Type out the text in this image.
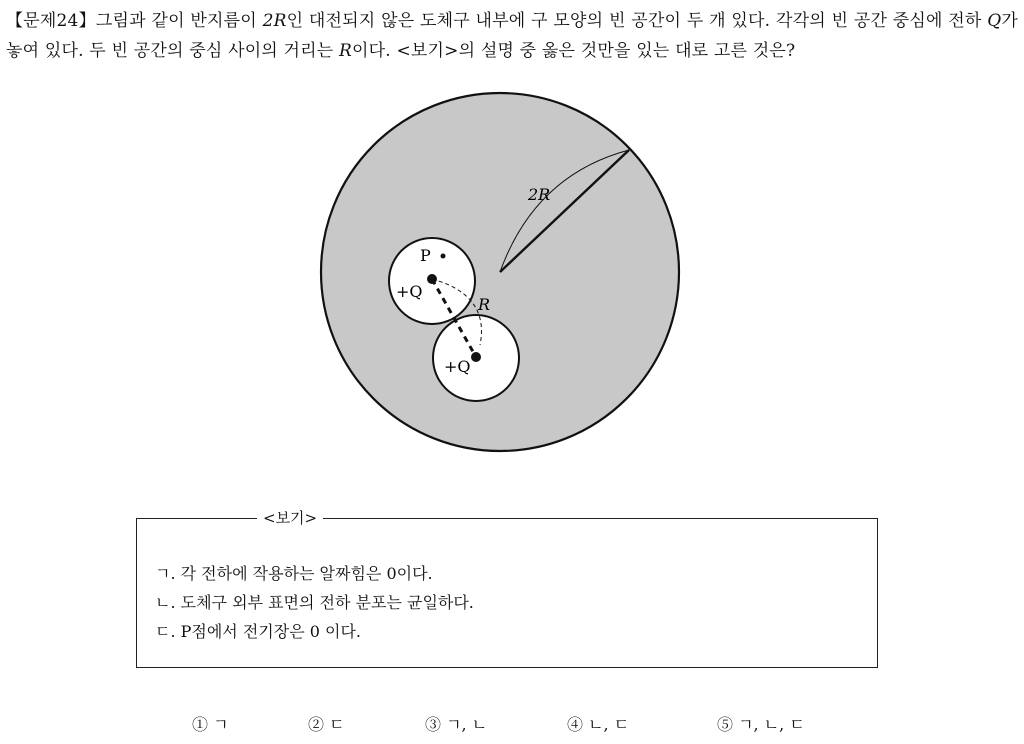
【문제24】그림과 같이 반지름이 2R인 대전되지 않은 도체구 내부에 구 모양의 빈 공간이 두 개 있다. 각각의 빈 공간 중심에 전하 Q가 놓여 있다. 두 빈 공간의 중심 사이의 거리는 R이다. <보기>의 설명 중 옳은 것만을 있는 대로 고른 것은?
2R
P
+Q
+Q
R
<보기>
ㄱ. 각 전하에 작용하는 알짜힘은 0이다.
ㄴ. 도체구 외부 표면의 전하 분포는 균일하다.
ㄷ. P점에서 전기장은 0 이다.
① ㄱ	② ㄷ	③ ㄱ, ㄴ	④ ㄴ, ㄷ	⑤ ㄱ, ㄴ, ㄷ
